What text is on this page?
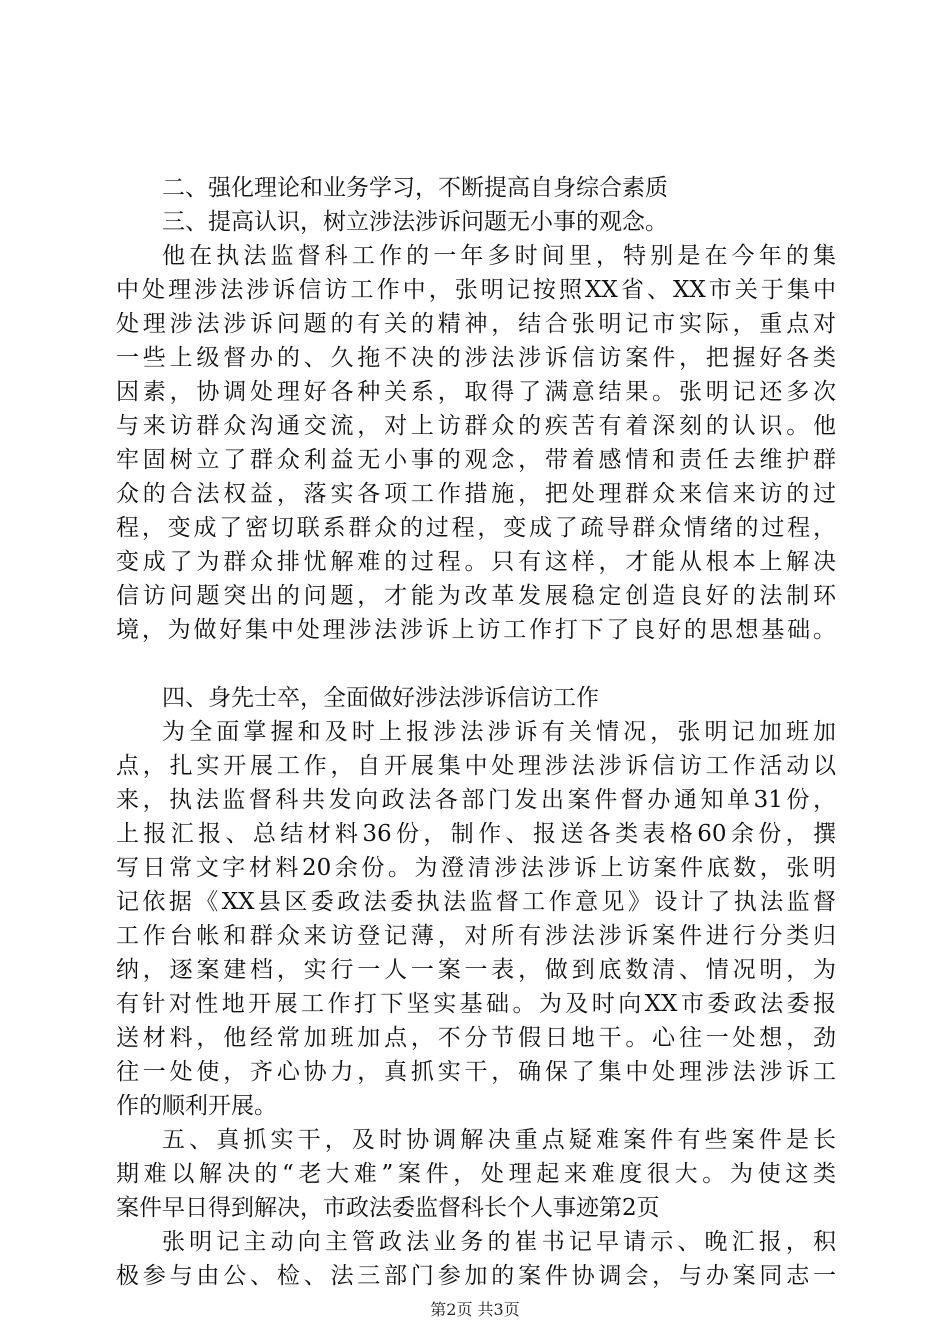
二、强化理论和业务学习，不断提高自身综合素质
三、提高认识，树立涉法涉诉问题无小事的观念。
他在执法监督科工作的一年多时间里，特别是在今年的集
中处理涉法涉诉信访工作中，张明记按照XX省、XX市关于集中
处理涉法涉诉问题的有关的精神，结合张明记市实际，重点对
一些上级督办的、久拖不决的涉法涉诉信访案件，把握好各类
因素，协调处理好各种关系，取得了满意结果。张明记还多次
与来访群众沟通交流，对上访群众的疾苦有着深刻的认识。他
牢固树立了群众利益无小事的观念，带着感情和责任去维护群
众的合法权益，落实各项工作措施，把处理群众来信来访的过
程，变成了密切联系群众的过程，变成了疏导群众情绪的过程，
变成了为群众排忧解难的过程。只有这样，才能从根本上解决
信访问题突出的问题，才能为改革发展稳定创造良好的法制环
境，为做好集中处理涉法涉诉上访工作打下了良好的思想基础。
四、身先士卒，全面做好涉法涉诉信访工作
为全面掌握和及时上报涉法涉诉有关情况，张明记加班加
点，扎实开展工作，自开展集中处理涉法涉诉信访工作活动以
来，执法监督科共发向政法各部门发出案件督办通知单31份，
上报汇报、总结材料36份，制作、报送各类表格60余份，撰
写日常文字材料20余份。为澄清涉法涉诉上访案件底数，张明
记依据《XX县区委政法委执法监督工作意见》设计了执法监督
工作台帐和群众来访登记薄，对所有涉法涉诉案件进行分类归
纳，逐案建档，实行一人一案一表，做到底数清、情况明，为
有针对性地开展工作打下坚实基础。为及时向XX市委政法委报
送材料，他经常加班加点，不分节假日地干。心往一处想，劲
往一处使，齐心协力，真抓实干，确保了集中处理涉法涉诉工
作的顺利开展。
五、真抓实干，及时协调解决重点疑难案件有些案件是长
期难以解决的“老大难”案件，处理起来难度很大。为使这类
案件早日得到解决，市政法委监督科长个人事迹第2页
张明记主动向主管政法业务的崔书记早请示、晚汇报，积
极参与由公、检、法三部门参加的案件协调会，与办案同志一
第2页 共3页
